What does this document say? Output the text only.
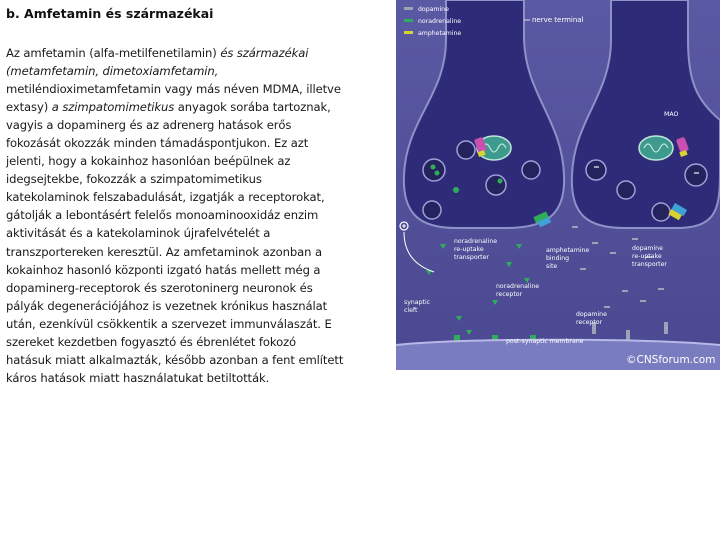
b. Amfetamin és származékai
Az amfetamin (alfa-metilfenetilamin) és származékai
(metamfetamin, dimetoxiamfetamin,
metiléndioximetamfetamin vagy más néven MDMA, illetve
extasy) a szimpatomimetikus anyagok sorába tartoznak,
vagyis a dopaminerg és az adrenerg hatások erős
fokozását okozzák minden támadáspontjukon. Ez azt
jelenti, hogy a kokainhoz hasonlóan beépülnek az
idegsejtekbe, fokozzák a szimpatomimetikus
katekolaminok felszabadulását, izgatják a receptorokat,
gátolják a lebontásért felelős monoaminooxidáz enzim
aktivitását és a katekolaminok újrafelvételét a
transzportereken keresztül. Az amfetaminok azonban a
kokainhoz hasonló központi izgató hatás mellett még a
dopaminerg-receptorok és szerotoninerg neuronok és
pályák degenerációjához is vezetnek krónikus használat
után, ezenkívül csökkentik a szervezet immunválaszát. E
szereket kezdetben fogyasztó és ébrenlétet fokozó
hatásuk miatt alkalmazták, később azonban a fent említett
káros hatások miatt használatukat betiltották.
dopamine
noradrenaline
amphetamine
nerve terminal
MAO
noradrenaline
re-uptake
transporter
amphetamine
binding
site
dopamine
re-uptake
transporter
noradrenaline
receptor
synaptic
cleft
dopamine
receptor
post-synaptic membrane
©CNSforum.com
